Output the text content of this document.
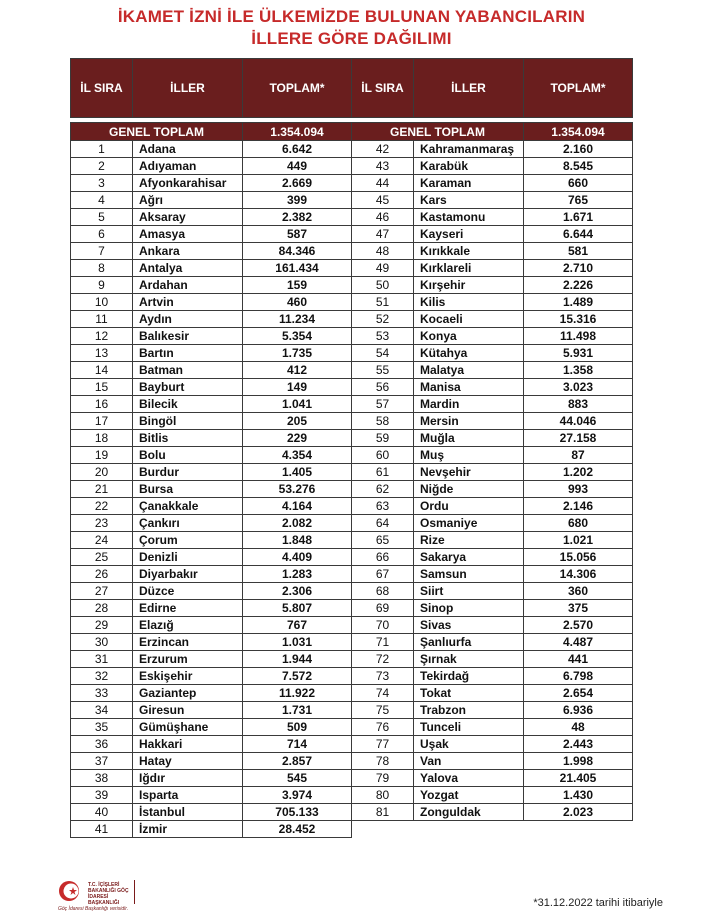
İKAMET İZNİ İLE ÜLKEMİZDE BULUNAN YABANCILARIN
İLLERE GÖRE DAĞILIMI
İL SIRA	İLLER	TOPLAM*	İL SIRA	İLLER	TOPLAM*

GENEL TOPLAM		1.354.094	GENEL TOPLAM		1.354.094
1	Adana	6.642	42	Kahramanmaraş	2.160
2	Adıyaman	449	43	Karabük	8.545
3	Afyonkarahisar	2.669	44	Karaman	660
4	Ağrı	399	45	Kars	765
5	Aksaray	2.382	46	Kastamonu	1.671
6	Amasya	587	47	Kayseri	6.644
7	Ankara	84.346	48	Kırıkkale	581
8	Antalya	161.434	49	Kırklareli	2.710
9	Ardahan	159	50	Kırşehir	2.226
10	Artvin	460	51	Kilis	1.489
11	Aydın	11.234	52	Kocaeli	15.316
12	Balıkesir	5.354	53	Konya	11.498
13	Bartın	1.735	54	Kütahya	5.931
14	Batman	412	55	Malatya	1.358
15	Bayburt	149	56	Manisa	3.023
16	Bilecik	1.041	57	Mardin	883
17	Bingöl	205	58	Mersin	44.046
18	Bitlis	229	59	Muğla	27.158
19	Bolu	4.354	60	Muş	87
20	Burdur	1.405	61	Nevşehir	1.202
21	Bursa	53.276	62	Niğde	993
22	Çanakkale	4.164	63	Ordu	2.146
23	Çankırı	2.082	64	Osmaniye	680
24	Çorum	1.848	65	Rize	1.021
25	Denizli	4.409	66	Sakarya	15.056
26	Diyarbakır	1.283	67	Samsun	14.306
27	Düzce	2.306	68	Siirt	360
28	Edirne	5.807	69	Sinop	375
29	Elazığ	767	70	Sivas	2.570
30	Erzincan	1.031	71	Şanlıurfa	4.487
31	Erzurum	1.944	72	Şırnak	441
32	Eskişehir	7.572	73	Tekirdağ	6.798
33	Gaziantep	11.922	74	Tokat	2.654
34	Giresun	1.731	75	Trabzon	6.936
35	Gümüşhane	509	76	Tunceli	48
36	Hakkari	714	77	Uşak	2.443
37	Hatay	2.857	78	Van	1.998
38	Iğdır	545	79	Yalova	21.405
39	Isparta	3.974	80	Yozgat	1.430
40	İstanbul	705.133	81	Zonguldak	2.023
41	İzmir	28.452			
T.C. İÇİŞLERİ BAKANLIĞI GÖÇ İDARESİ BAŞKANLIĞI
Göç İdaresi Başkanlığı verisidir.	*31.12.2022 tarihi itibariyle
